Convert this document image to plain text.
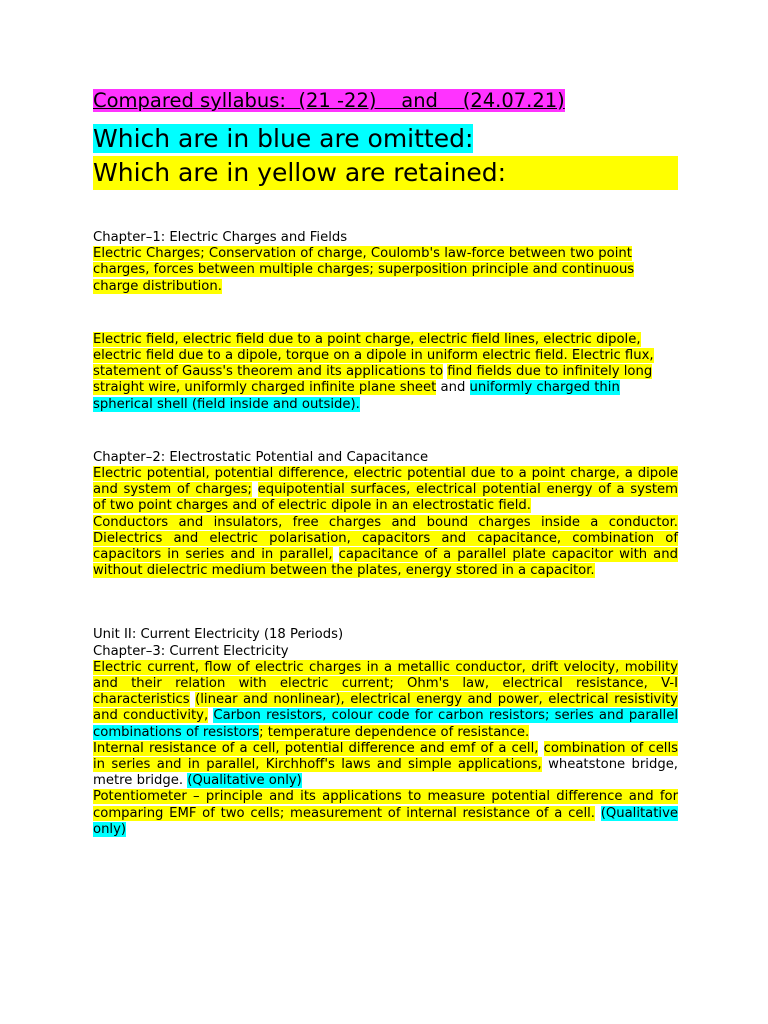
Compared syllabus:  (21 -22)    and    (24.07.21)

Which are in blue are omitted:

Which are in yellow are retained:

Chapter–1: Electric Charges and Fields

Electric Charges; Conservation of charge, Coulomb's law-force between two point charges, forces between multiple charges; superposition principle and continuous charge distribution.

Electric field, electric field due to a point charge, electric field lines, electric dipole, electric field due to a dipole, torque on a dipole in uniform electric field. Electric flux, statement of Gauss's theorem and its applications to find fields due to infinitely long straight wire, uniformly charged infinite plane sheet and uniformly charged thin spherical shell (field inside and outside).

Chapter–2: Electrostatic Potential and Capacitance

Electric potential, potential difference, electric potential due to a point charge, a dipole and system of charges; equipotential surfaces, electrical potential energy of a system of two point charges and of electric dipole in an electrostatic field.

Conductors and insulators, free charges and bound charges inside a conductor. Dielectrics and electric polarisation, capacitors and capacitance, combination of capacitors in series and in parallel, capacitance of a parallel plate capacitor with and without dielectric medium between the plates, energy stored in a capacitor.

Unit II: Current Electricity (18 Periods)

Chapter–3: Current Electricity

Electric current, flow of electric charges in a metallic conductor, drift velocity, mobility and their relation with electric current; Ohm's law, electrical resistance, V-I characteristics (linear and nonlinear), electrical energy and power, electrical resistivity and conductivity, Carbon resistors, colour code for carbon resistors; series and parallel combinations of resistors; temperature dependence of resistance.

Internal resistance of a cell, potential difference and emf of a cell, combination of cells in series and in parallel, Kirchhoff's laws and simple applications, wheatstone bridge, metre bridge. (Qualitative only)

Potentiometer – principle and its applications to measure potential difference and for comparing EMF of two cells; measurement of internal resistance of a cell. (Qualitative only)
